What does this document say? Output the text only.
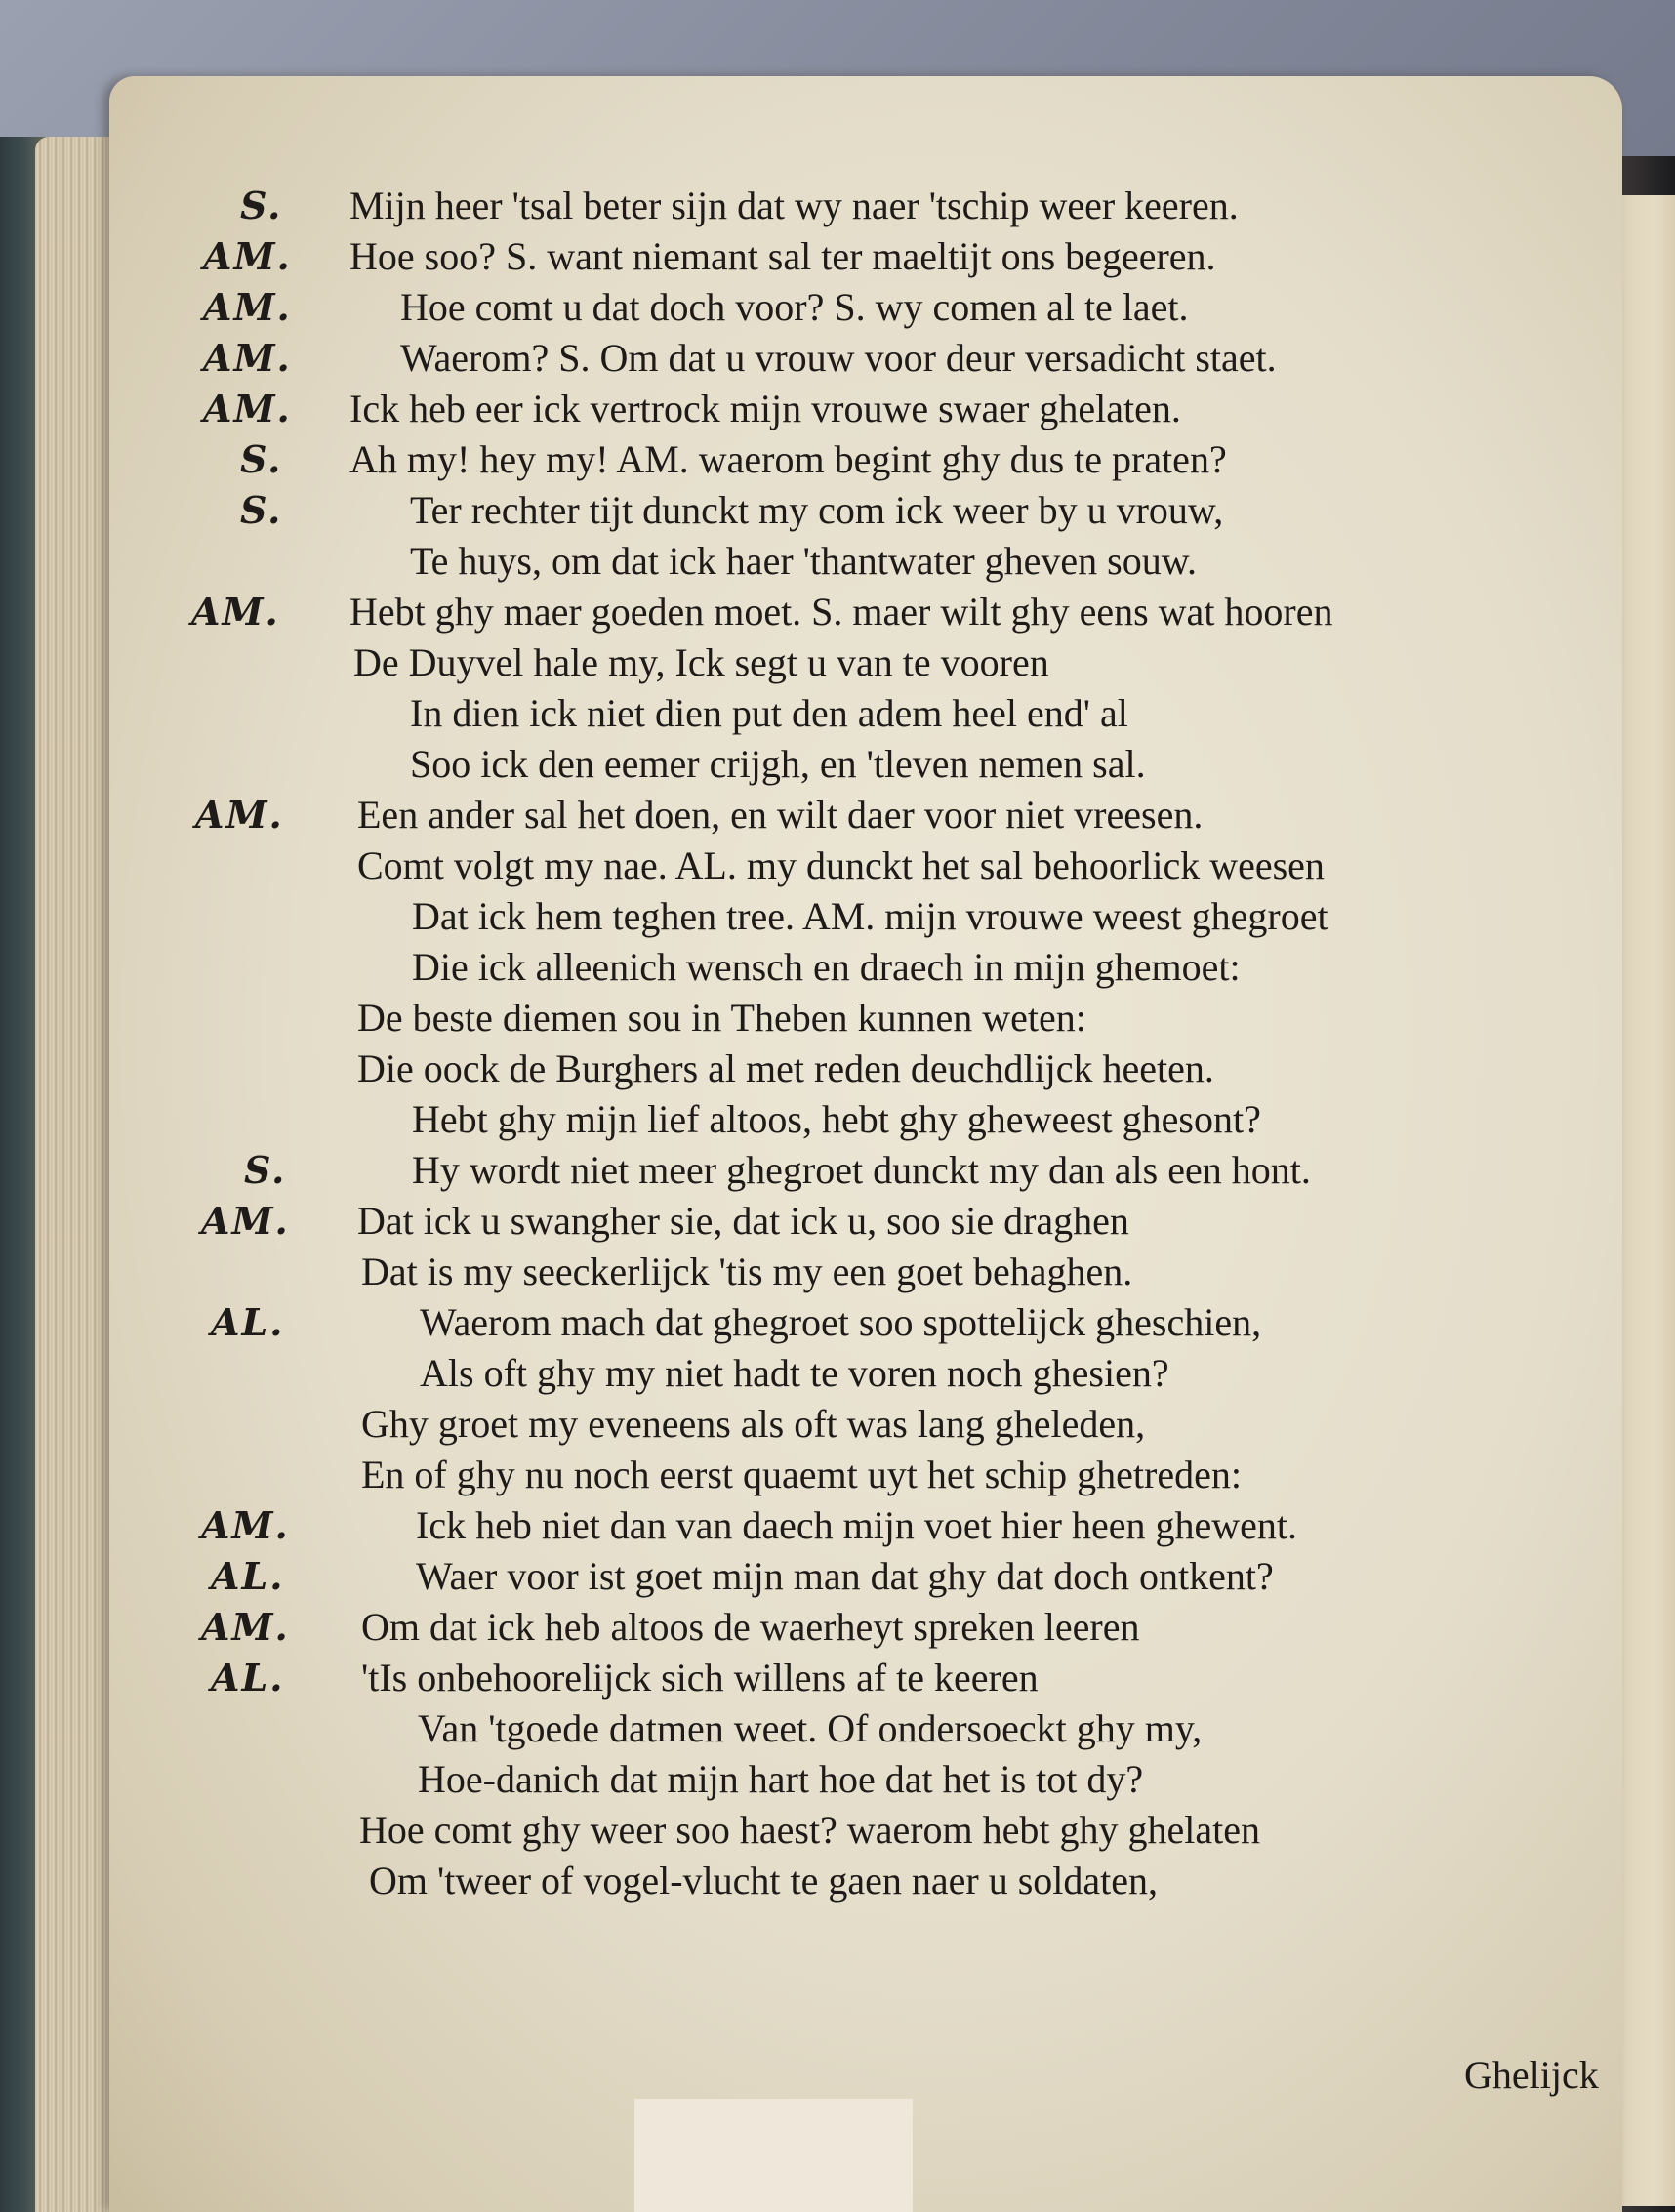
S. Mijn heer 'tsal beter sijn dat wy naer 'tschip weer keeren.
AM. Hoe soo? S. want niemant sal ter maeltijt ons begeeren.
AM.	Hoe comt u dat doch voor? S. wy comen al te laet.
AM.	Waerom? S. Om dat u vrouw voor deur versadicht staet.
AM. Ick heb eer ick vertrock mijn vrouwe swaer ghelaten.
S. Ah my! hey my! AM. waerom begint ghy dus te praten?
S.	Ter rechter tijt dunckt my com ick weer by u vrouw,
Te huys, om dat ick haer 'thantwater gheven souw.
AM. Hebt ghy maer goeden moet. S. maer wilt ghy eens wat hooren
De Duyvel hale my, Ick segt u van te vooren
In dien ick niet dien put den adem heel end' al
Soo ick den eemer crijgh, en 'tleven nemen sal.
AM. Een ander sal het doen, en wilt daer voor niet vreesen.
Comt volgt my nae. AL. my dunckt het sal behoorlick weesen
Dat ick hem teghen tree. AM. mijn vrouwe weest ghegroet
Die ick alleenich wensch en draech in mijn ghemoet:
De beste diemen sou in Theben kunnen weten:
Die oock de Burghers al met reden deuchdlijck heeten.
Hebt ghy mijn lief altoos, hebt ghy gheweest ghesont?
S.	Hy wordt niet meer ghegroet dunckt my dan als een hont.
AM. Dat ick u swangher sie, dat ick u, soo sie draghen
Dat is my seeckerlijck 'tis my een goet behaghen.
AL.	Waerom mach dat ghegroet soo spottelijck gheschien,
Als oft ghy my niet hadt te voren noch ghesien?
Ghy groet my eveneens als oft was lang gheleden,
En of ghy nu noch eerst quaemt uyt het schip ghetreden:
AM.	Ick heb niet dan van daech mijn voet hier heen ghewent.
AL.	Waer voor ist goet mijn man dat ghy dat doch ontkent?
AM. Om dat ick heb altoos de waerheyt spreken leeren
AL. 'tIs onbehoorelijck sich willens af te keeren
Van 'tgoede datmen weet. Of ondersoeckt ghy my,
Hoe-danich dat mijn hart hoe dat het is tot dy?
Hoe comt ghy weer soo haest? waerom hebt ghy ghelaten
Om 'tweer of vogel-vlucht te gaen naer u soldaten,
Ghelijck
